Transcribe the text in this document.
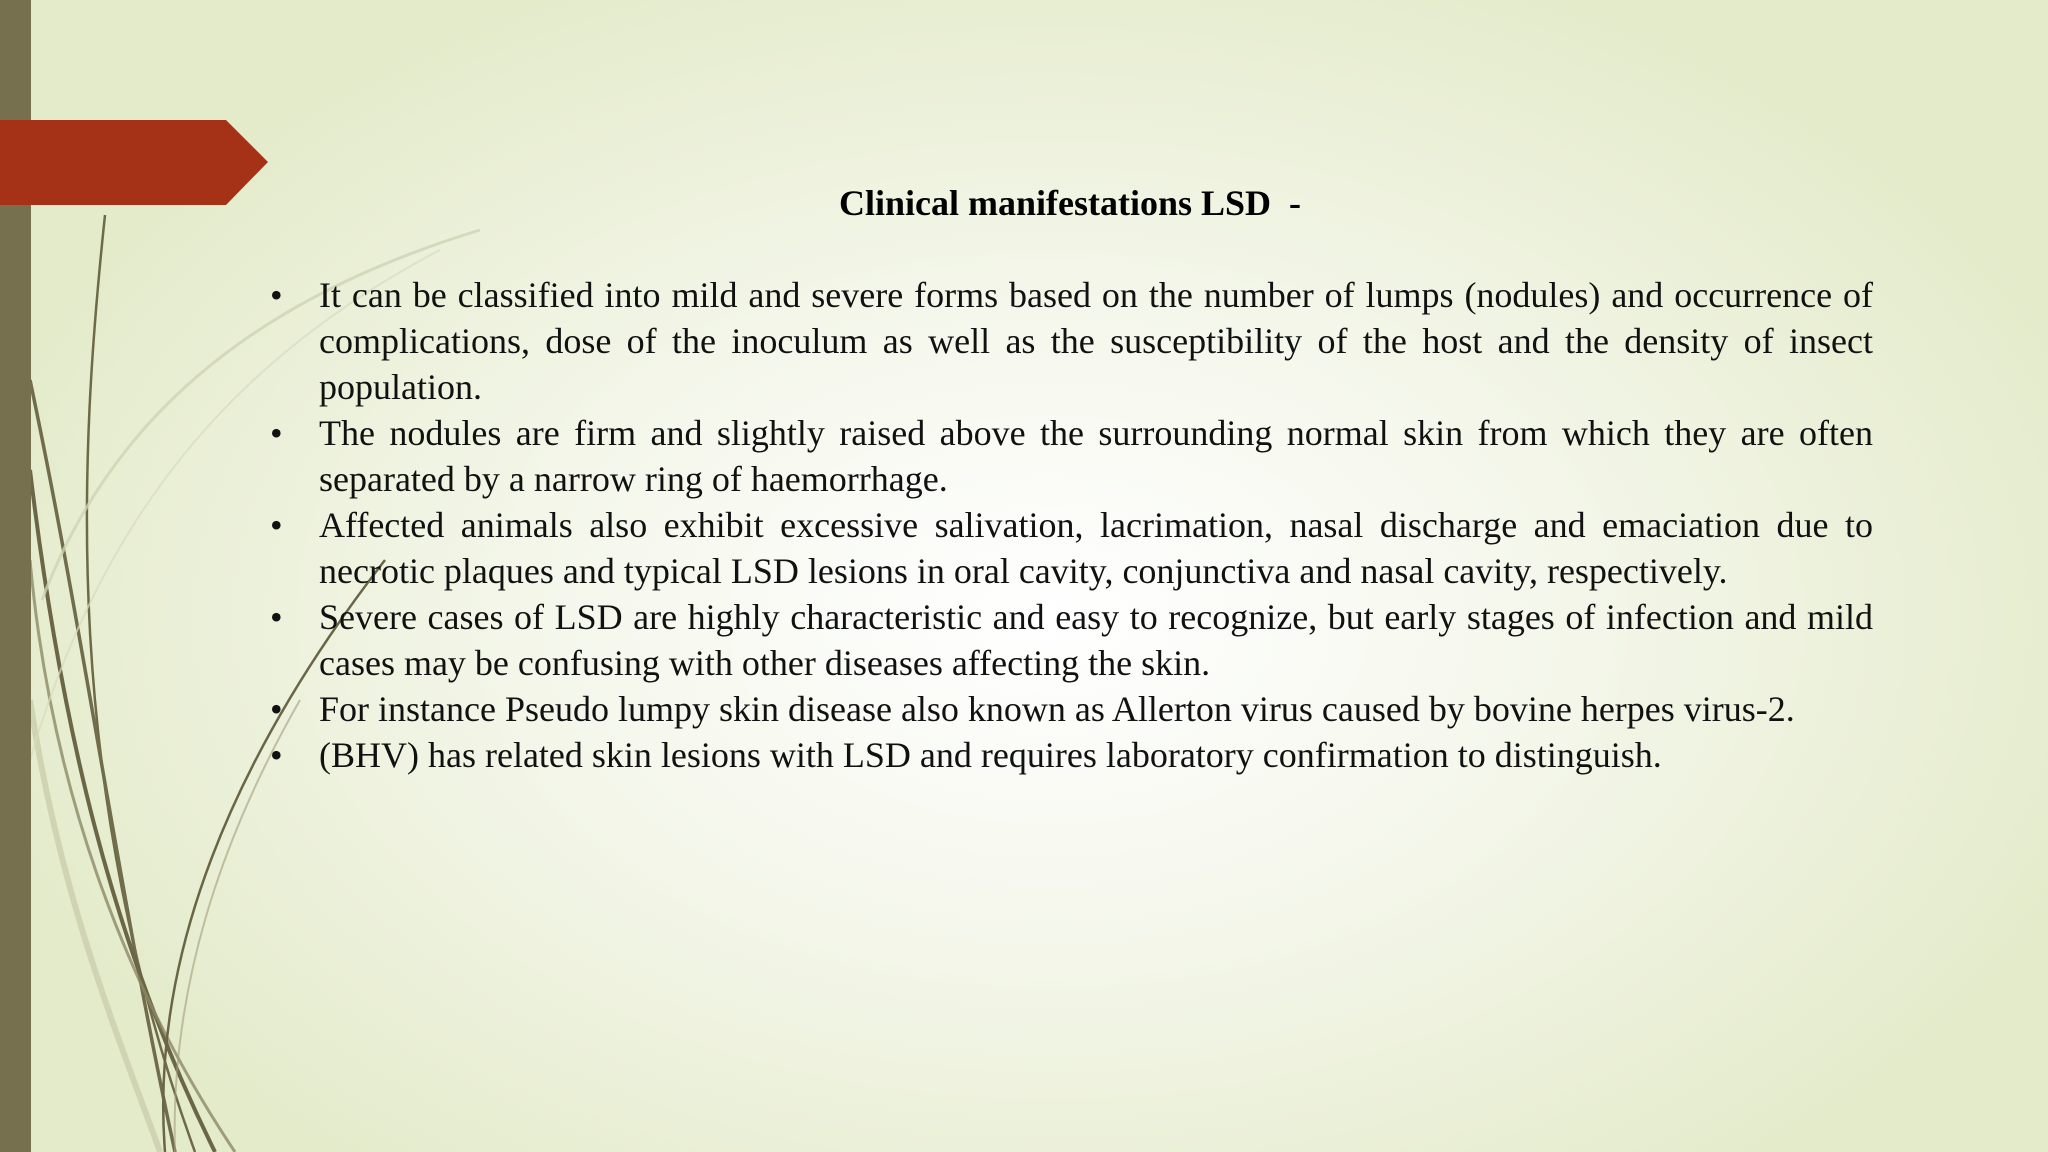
Clinical manifestations LSD  -
• It can be classified into mild and severe forms based on the number of lumps (nodules) and occurrence of complications, dose of the inoculum as well as the susceptibility of the host and the density of insect population.
• The nodules are firm and slightly raised above the surrounding normal skin from which they are often separated by a narrow ring of haemorrhage.
• Affected animals also exhibit excessive salivation, lacrimation, nasal discharge and emaciation due to necrotic plaques and typical LSD lesions in oral cavity, conjunctiva and nasal cavity, respectively.
• Severe cases of LSD are highly characteristic and easy to recognize, but early stages of infection and mild cases may be confusing with other diseases affecting the skin.
• For instance Pseudo lumpy skin disease also known as Allerton virus caused by bovine herpes virus-2.
• (BHV) has related skin lesions with LSD and requires laboratory confirmation to distinguish.
